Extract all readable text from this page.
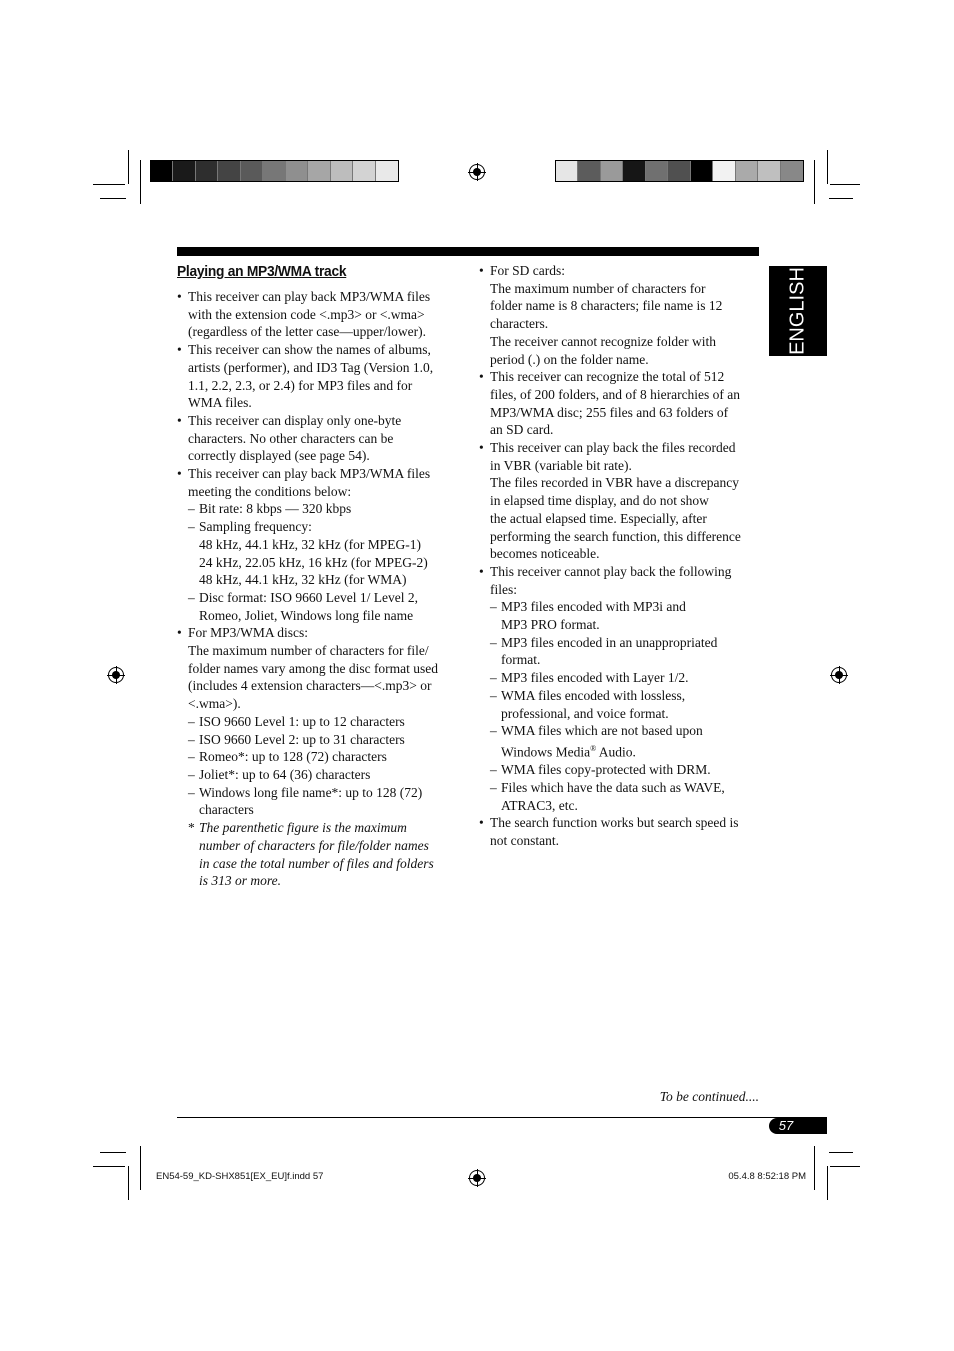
ENGLISH
Playing an MP3/WMA track
• This receiver can play back MP3/WMA files
with the extension code <.mp3> or <.wma>
(regardless of the letter case—upper/lower).
• This receiver can show the names of albums,
artists (performer), and ID3 Tag (Version 1.0,
1.1, 2.2, 2.3, or 2.4) for MP3 files and for
WMA files.
• This receiver can display only one-byte
characters. No other characters can be
correctly displayed (see page 54).
• This receiver can play back MP3/WMA files
meeting the conditions below:
– Bit rate: 8 kbps — 320 kbps
– Sampling frequency:
48 kHz, 44.1 kHz, 32 kHz (for MPEG-1)
24 kHz, 22.05 kHz, 16 kHz (for MPEG-2)
48 kHz, 44.1 kHz, 32 kHz (for WMA)
– Disc format: ISO 9660 Level 1/ Level 2,
Romeo, Joliet, Windows long file name
• For MP3/WMA discs:
The maximum number of characters for file/
folder names vary among the disc format used
(includes 4 extension characters—<.mp3> or
<.wma>).
– ISO 9660 Level 1: up to 12 characters
– ISO 9660 Level 2: up to 31 characters
– Romeo*: up to 128 (72) characters
– Joliet*: up to 64 (36) characters
– Windows long file name*: up to 128 (72)
characters
* The parenthetic figure is the maximum
number of characters for file/folder names
in case the total number of files and folders
is 313 or more.
• For SD cards:
The maximum number of characters for
folder name is 8 characters; file name is 12
characters.
The receiver cannot recognize folder with
period (.) on the folder name.
• This receiver can recognize the total of 512
files, of 200 folders, and of 8 hierarchies of an
MP3/WMA disc; 255 files and 63 folders of
an SD card.
• This receiver can play back the files recorded
in VBR (variable bit rate).
The files recorded in VBR have a discrepancy
in elapsed time display, and do not show
the actual elapsed time. Especially, after
performing the search function, this difference
becomes noticeable.
• This receiver cannot play back the following
files:
– MP3 files encoded with MP3i and
MP3 PRO format.
– MP3 files encoded in an unappropriated
format.
– MP3 files encoded with Layer 1/2.
– WMA files encoded with lossless,
professional, and voice format.
– WMA files which are not based upon
Windows Media® Audio.
– WMA files copy-protected with DRM.
– Files which have the data such as WAVE,
ATRAC3, etc.
• The search function works but search speed is
not constant.
To be continued....
57
EN54-59_KD-SHX851[EX_EU]f.indd 57	05.4.8 8:52:18 PM
